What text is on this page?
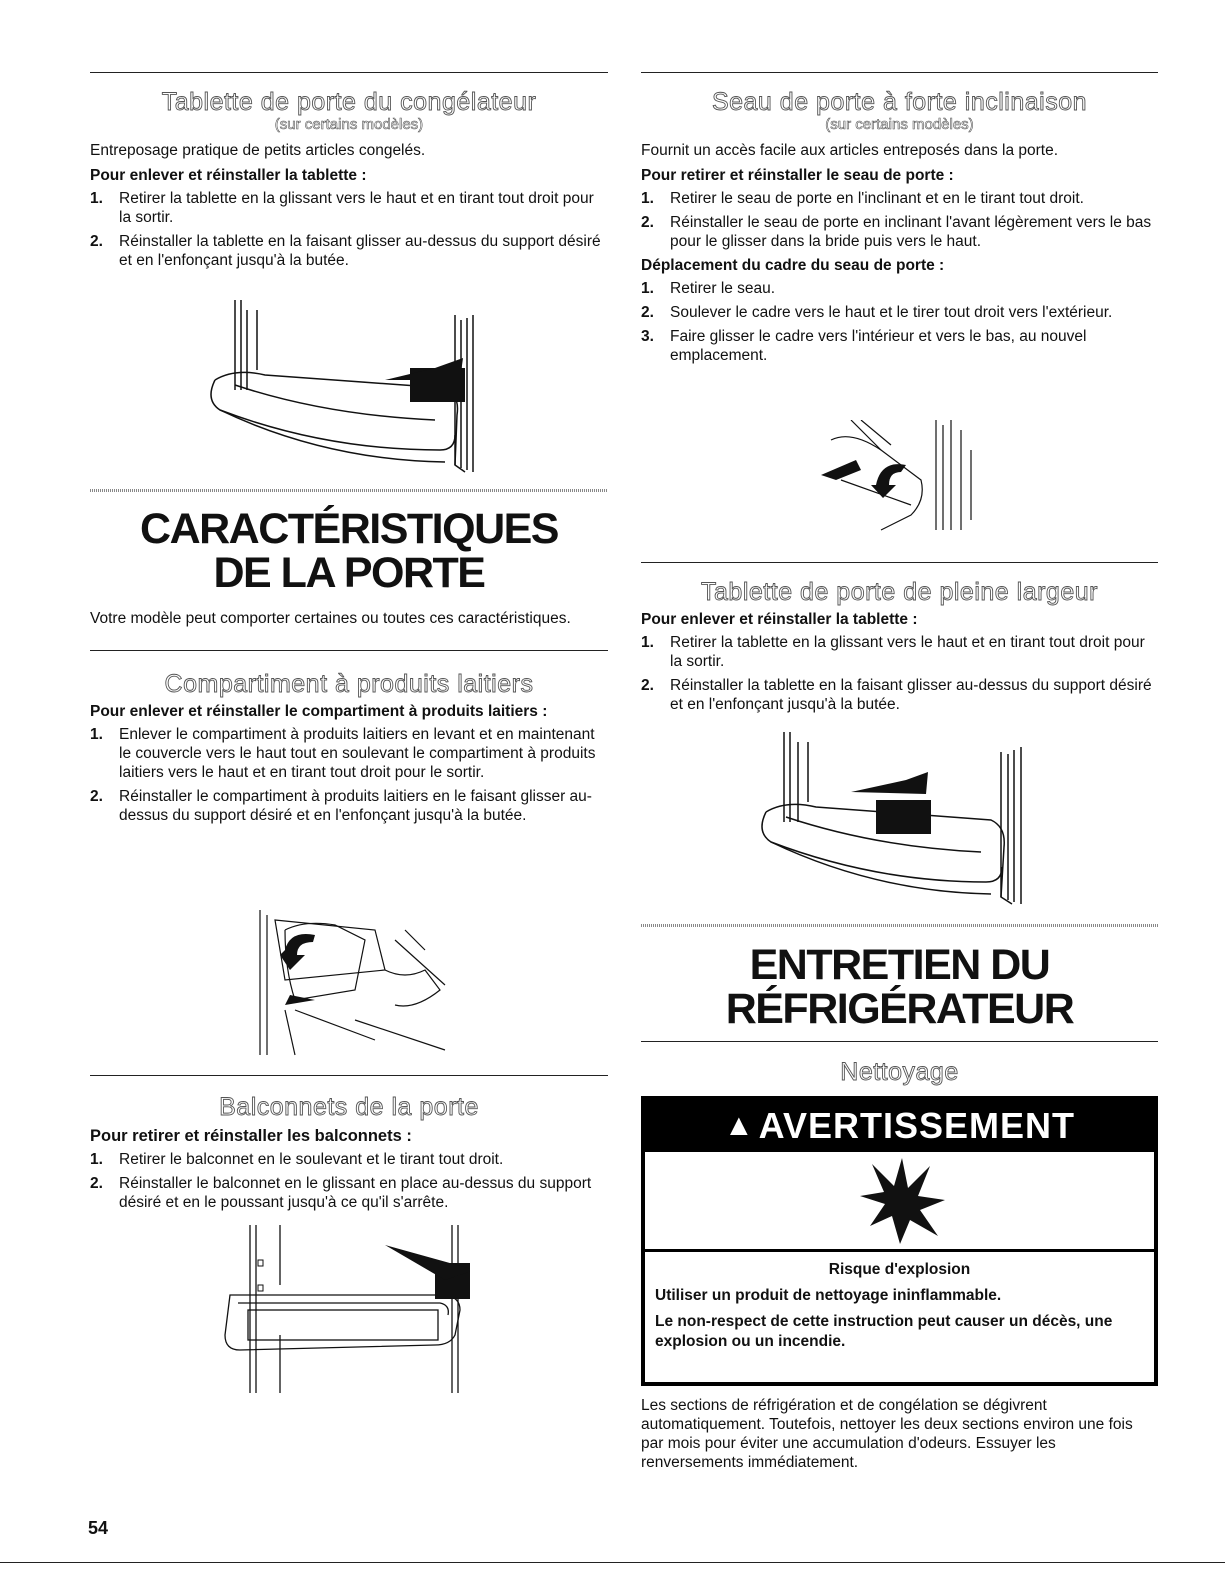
Tablette de porte du congélateur

(sur certains modèles)

Entreposage pratique de petits articles congelés.

Pour enlever et réinstaller la tablette :

1. Retirer la tablette en la glissant vers le haut et en tirant tout droit pour la sortir.
2. Réinstaller la tablette en la faisant glisser au-dessus du support désiré et en l'enfonçant jusqu'à la butée.
CARACTÉRISTIQUES DE LA PORTE

Votre modèle peut comporter certaines ou toutes ces caractéristiques.

Compartiment à produits laitiers

Pour enlever et réinstaller le compartiment à produits laitiers :

1. Enlever le compartiment à produits laitiers en levant et en maintenant le couvercle vers le haut tout en soulevant le compartiment à produits laitiers vers le haut et en tirant tout droit pour le sortir.
2. Réinstaller le compartiment à produits laitiers en le faisant glisser au-dessus du support désiré et en l'enfonçant jusqu'à la butée.
Balconnets de la porte

Pour retirer et réinstaller les balconnets :

1. Retirer le balconnet en le soulevant et le tirant tout droit.
2. Réinstaller le balconnet en le glissant en place au-dessus du support désiré et en le poussant jusqu'à ce qu'il s'arrête.
Seau de porte à forte inclinaison

(sur certains modèles)

Fournit un accès facile aux articles entreposés dans la porte.

Pour retirer et réinstaller le seau de porte :

1. Retirer le seau de porte en l'inclinant et en le tirant tout droit.
2. Réinstaller le seau de porte en inclinant l'avant légèrement vers le bas pour le glisser dans la bride puis vers le haut.

Déplacement du cadre du seau de porte :

1. Retirer le seau.
2. Soulever le cadre vers le haut et le tirer tout droit vers l'extérieur.
3. Faire glisser le cadre vers l'intérieur et vers le bas, au nouvel emplacement.
Tablette de porte de pleine largeur

Pour enlever et réinstaller la tablette :

1. Retirer la tablette en la glissant vers le haut et en tirant tout droit pour la sortir.
2. Réinstaller la tablette en la faisant glisser au-dessus du support désiré et en l'enfonçant jusqu'à la butée.
ENTRETIEN DU
RÉFRIGÉRATEUR
Nettoyage
▲ AVERTISSEMENT

Risque d'explosion

Utiliser un produit de nettoyage ininflammable.

Le non-respect de cette instruction peut causer un décès, une explosion ou un incendie.

Les sections de réfrigération et de congélation se dégivrent automatiquement. Toutefois, nettoyer les deux sections environ une fois par mois pour éviter une accumulation d'odeurs. Essuyer les renversements immédiatement.

54
